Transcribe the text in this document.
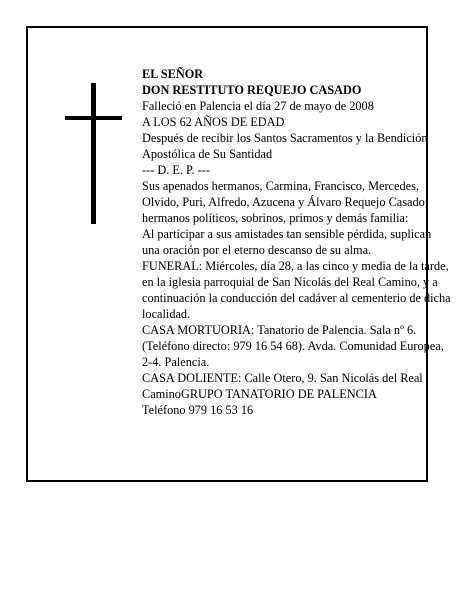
EL SEÑOR

DON RESTITUTO REQUEJO CASADO

Falleció en Palencia el día 27 de mayo de 2008

A LOS 62 AÑOS DE EDAD

Después de recibir los Santos Sacramentos y la Bendición Apostólica de Su Santidad

--- D. E. P. ---

Sus apenados hermanos, Carmina, Francisco, Mercedes, Olvido, Puri, Alfredo, Azucena y Álvaro Requejo Casado; hermanos políticos, sobrinos, primos y demás familia:

Al participar a sus amistades tan sensible pérdida, suplican una oración por el eterno descanso de su alma.

FUNERAL: Miércoles, día 28, a las cinco y media de la tarde, en la iglesia parroquial de San Nicolás del Real Camino, y a continuación la conducción del cadáver al cementerio de dicha localidad.

CASA MORTUORIA: Tanatorio de Palencia. Sala nº 6. (Teléfono directo: 979 16 54 68). Avda. Comunidad Europea, 2-4. Palencia.

CASA DOLIENTE: Calle Otero, 9. San Nicolás del Real CaminoGRUPO TANATORIO DE PALENCIA

Teléfono 979 16 53 16
